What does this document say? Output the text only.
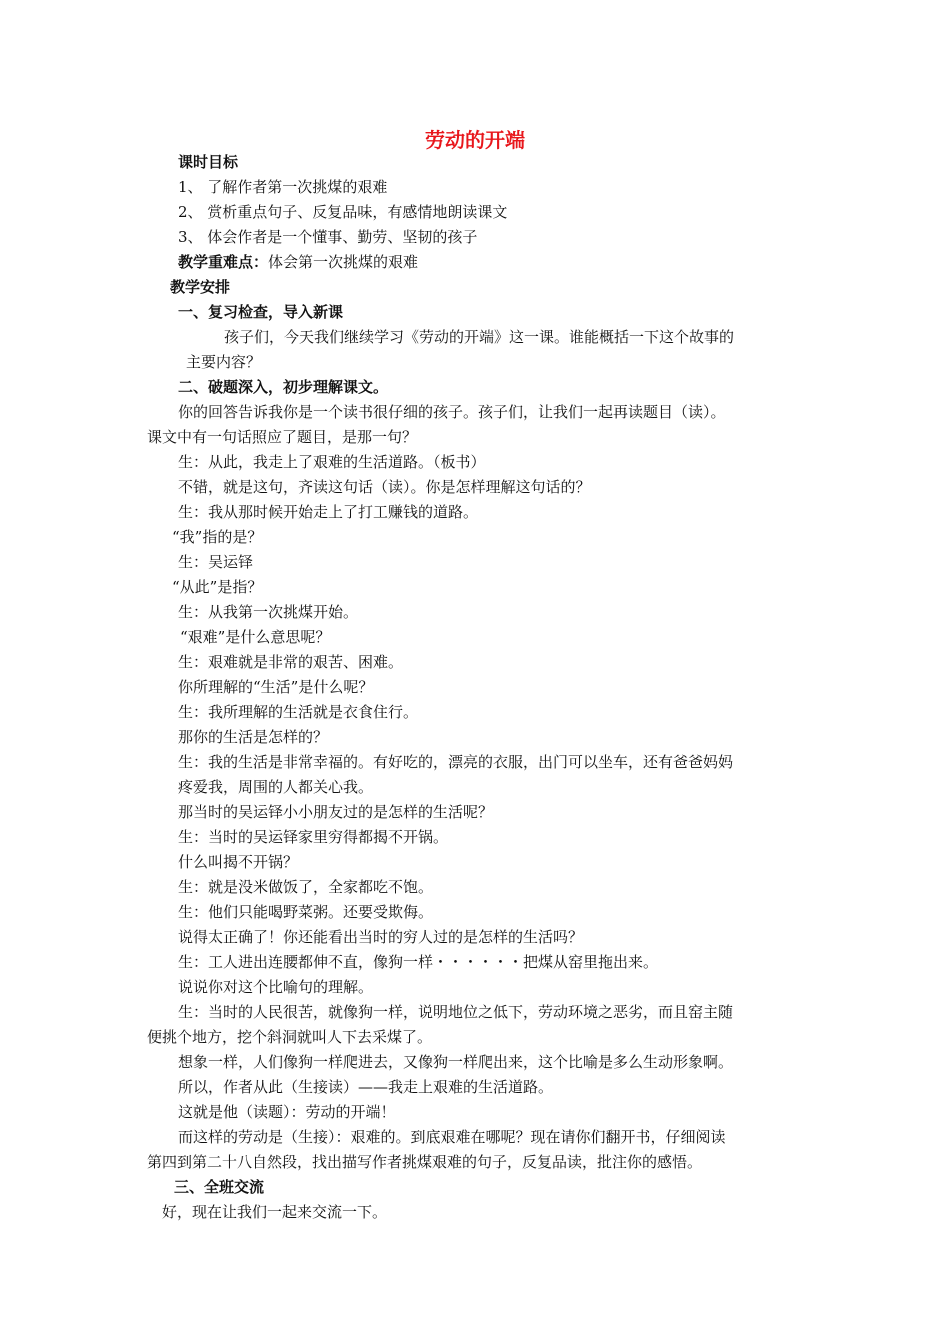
劳动的开端
课时目标
1、 了解作者第一次挑煤的艰难
2、 赏析重点句子、反复品味，有感情地朗读课文
3、 体会作者是一个懂事、勤劳、坚韧的孩子
教学重难点：体会第一次挑煤的艰难
教学安排
一、复习检查，导入新课
孩子们，今天我们继续学习《劳动的开端》这一课。谁能概括一下这个故事的
主要内容？
二、破题深入，初步理解课文。
你的回答告诉我你是一个读书很仔细的孩子。孩子们，让我们一起再读题目（读）。
课文中有一句话照应了题目，是那一句？
生：从此，我走上了艰难的生活道路。（板书）
不错，就是这句，齐读这句话（读）。你是怎样理解这句话的？
生：我从那时候开始走上了打工赚钱的道路。
“我”指的是？
生：吴运铎
“从此”是指？
生：从我第一次挑煤开始。
“艰难”是什么意思呢？
生：艰难就是非常的艰苦、困难。
你所理解的“生活”是什么呢？
生：我所理解的生活就是衣食住行。
那你的生活是怎样的？
生：我的生活是非常幸福的。有好吃的，漂亮的衣服，出门可以坐车，还有爸爸妈妈
疼爱我，周围的人都关心我。
那当时的吴运铎小小朋友过的是怎样的生活呢？
生：当时的吴运铎家里穷得都揭不开锅。
什么叫揭不开锅？
生：就是没米做饭了，全家都吃不饱。
生：他们只能喝野菜粥。还要受欺侮。
说得太正确了！你还能看出当时的穷人过的是怎样的生活吗？
生：工人进出连腰都伸不直，像狗一样・・・・・・把煤从窑里拖出来。
说说你对这个比喻句的理解。
生：当时的人民很苦，就像狗一样，说明地位之低下，劳动环境之恶劣，而且窑主随
便挑个地方，挖个斜洞就叫人下去采煤了。
想象一样，人们像狗一样爬进去，又像狗一样爬出来，这个比喻是多么生动形象啊。
所以，作者从此（生接读）——我走上艰难的生活道路。
这就是他（读题）：劳动的开端！
而这样的劳动是（生接）：艰难的。到底艰难在哪呢？现在请你们翻开书，仔细阅读
第四到第二十八自然段，找出描写作者挑煤艰难的句子，反复品读，批注你的感悟。
三、全班交流
好，现在让我们一起来交流一下。
